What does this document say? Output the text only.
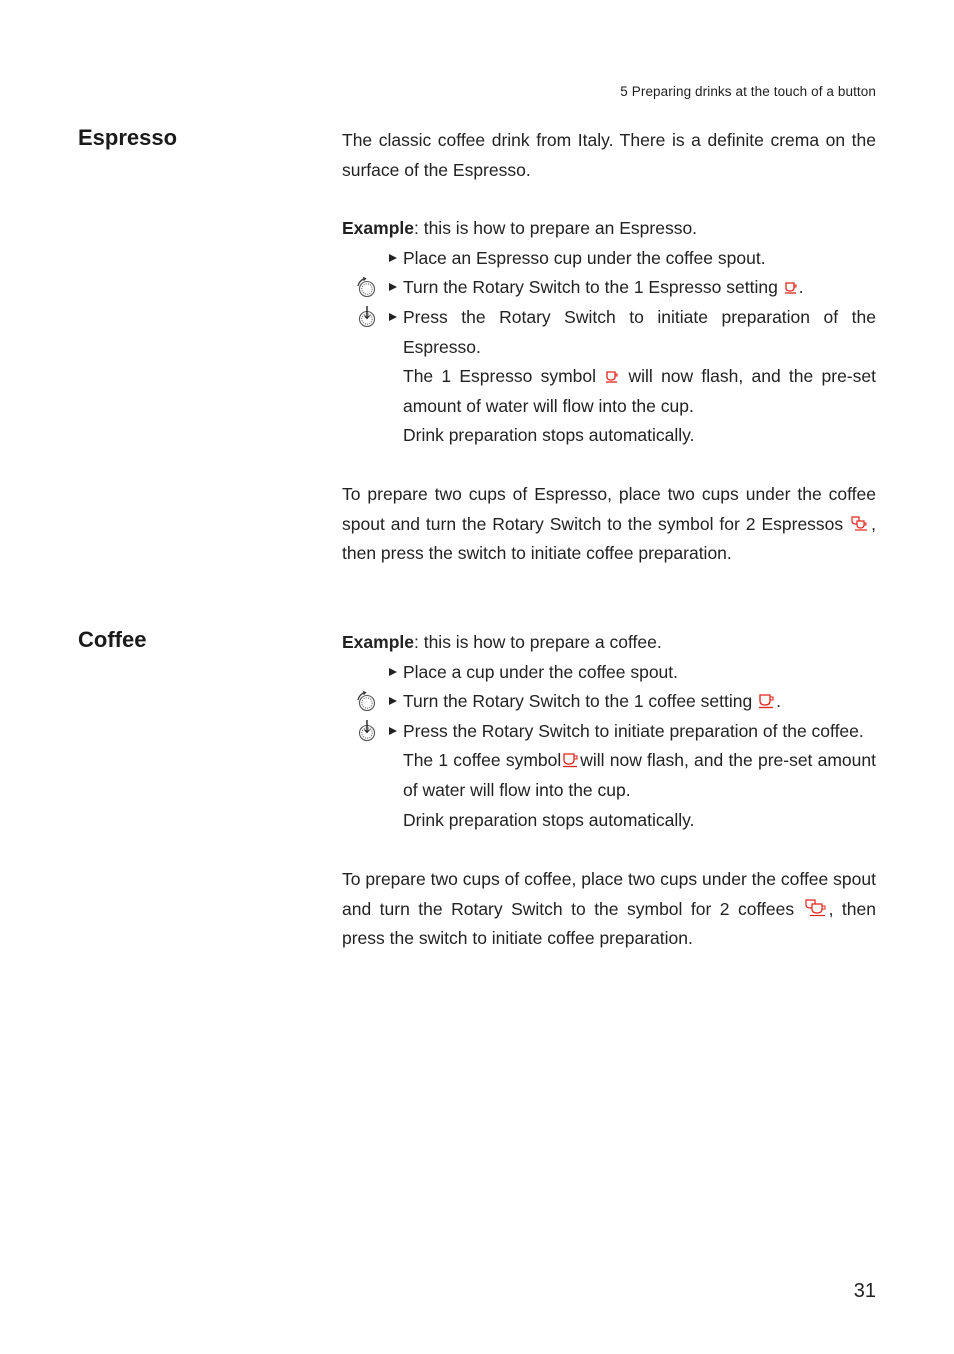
5 Preparing drinks at the touch of a button
Espresso	The classic coffee drink from Italy. There is a definite crema on the surface of the Espresso.
Example: this is how to prepare an Espresso.
Place an Espresso cup under the coffee spout.
Turn the Rotary Switch to the 1 Espresso setting .
Press the Rotary Switch to initiate preparation of the Espresso.
The 1 Espresso symbol will now flash, and the pre-set amount of water will flow into the cup.
Drink preparation stops automatically.
To prepare two cups of Espresso, place two cups under the coffee spout and turn the Rotary Switch to the symbol for 2 Espressos , then press the switch to initiate coffee preparation.
Coffee	Example: this is how to prepare a coffee.
Place a cup under the coffee spout.
Turn the Rotary Switch to the 1 coffee setting .
Press the Rotary Switch to initiate preparation of the coffee.
The 1 coffee symbol will now flash, and the pre-set amount of water will flow into the cup.
Drink preparation stops automatically.
To prepare two cups of coffee, place two cups under the coffee spout and turn the Rotary Switch to the symbol for 2 coffees , then press the switch to initiate coffee preparation.
31
